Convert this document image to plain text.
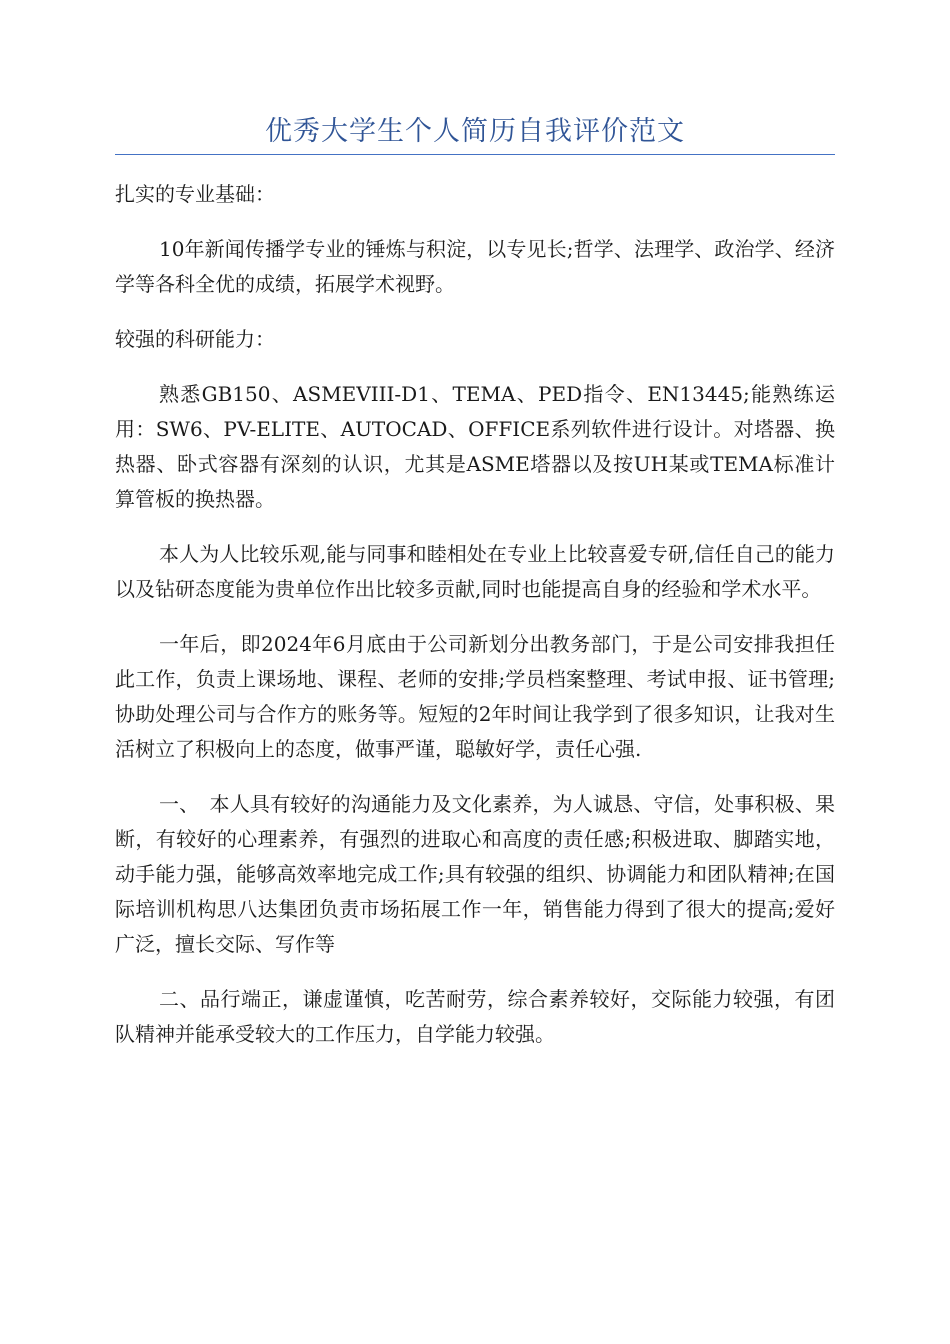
优秀大学生个人简历自我评价范文

扎实的专业基础：

10年新闻传播学专业的锤炼与积淀，以专见长;哲学、法理学、政治学、经济学等各科全优的成绩，拓展学术视野。

较强的科研能力：

熟悉GB150、ASMEVIII-D1、TEMA、PED指令、EN13445;能熟练运用：SW6、PV-ELITE、AUTOCAD、OFFICE系列软件进行设计。对塔器、换热器、卧式容器有深刻的认识，尤其是ASME塔器以及按UH某或TEMA标准计算管板的换热器。

本人为人比较乐观,能与同事和睦相处在专业上比较喜爱专研,信任自己的能力以及钻研态度能为贵单位作出比较多贡献,同时也能提高自身的经验和学术水平。

一年后，即2024年6月底由于公司新划分出教务部门，于是公司安排我担任此工作，负责上课场地、课程、老师的安排;学员档案整理、考试申报、证书管理;协助处理公司与合作方的账务等。短短的2年时间让我学到了很多知识，让我对生活树立了积极向上的态度，做事严谨，聪敏好学，责任心强.

一、　本人具有较好的沟通能力及文化素养，为人诚恳、守信，处事积极、果断，有较好的心理素养，有强烈的进取心和高度的责任感;积极进取、脚踏实地，动手能力强，能够高效率地完成工作;具有较强的组织、协调能力和团队精神;在国际培训机构思八达集团负责市场拓展工作一年，销售能力得到了很大的提高;爱好广泛，擅长交际、写作等

二、品行端正，谦虚谨慎，吃苦耐劳，综合素养较好，交际能力较强，有团队精神并能承受较大的工作压力，自学能力较强。
